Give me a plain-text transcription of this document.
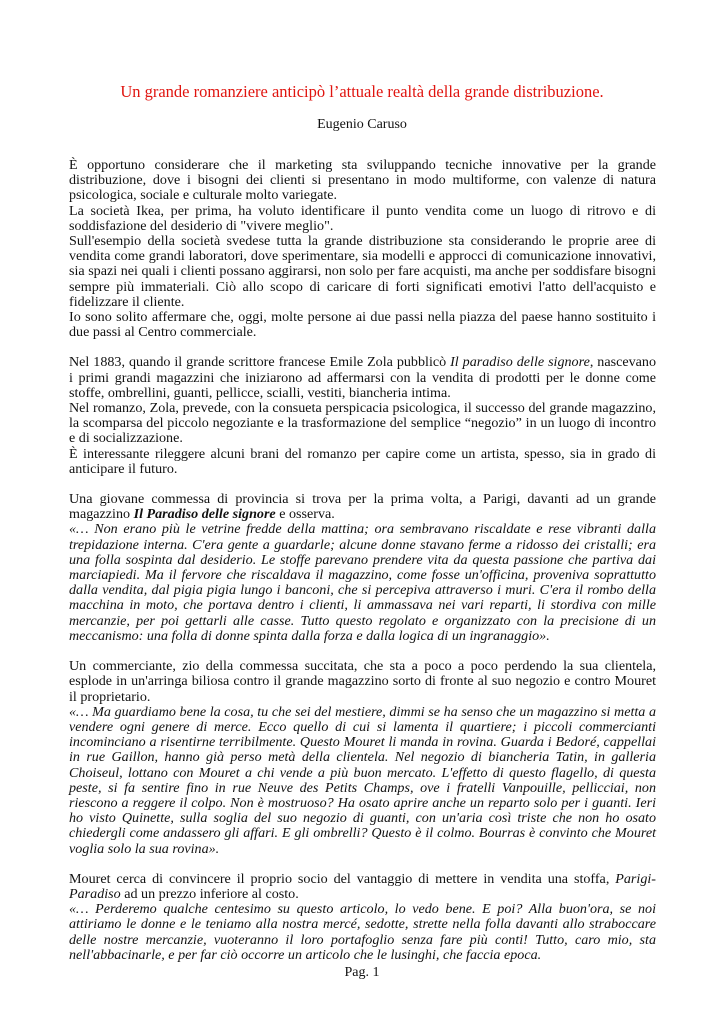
Un grande romanziere anticipò l’attuale realtà della grande distribuzione.
Eugenio Caruso

È opportuno considerare che il marketing sta sviluppando tecniche innovative per la grande distribuzione, dove i bisogni dei clienti si presentano in modo multiforme, con valenze di natura psicologica, sociale e culturale molto variegate.

La società Ikea, per prima, ha voluto identificare il punto vendita come un luogo di ritrovo e di soddisfazione del desiderio di "vivere meglio".

Sull'esempio della società svedese tutta la grande distribuzione sta considerando le proprie aree di vendita come grandi laboratori, dove sperimentare, sia modelli e approcci di comunicazione innovativi, sia spazi nei quali i clienti possano aggirarsi, non solo per fare acquisti, ma anche per soddisfare bisogni sempre più immateriali. Ciò allo scopo di caricare di forti significati emotivi l'atto dell'acquisto e fidelizzare il cliente.

Io sono solito affermare che, oggi, molte persone ai due passi nella piazza del paese hanno sostituito i due passi al Centro commerciale.

Nel 1883, quando il grande scrittore francese Emile Zola pubblicò Il paradiso delle signore, nascevano i primi grandi magazzini che iniziarono ad affermarsi con la vendita di prodotti per le donne come stoffe, ombrellini, guanti, pellicce, scialli, vestiti, biancheria intima.

Nel romanzo, Zola, prevede, con la consueta perspicacia psicologica, il successo del grande magazzino, la scomparsa del piccolo negoziante e la trasformazione del semplice “negozio” in un luogo di incontro e di socializzazione.

È interessante rileggere alcuni brani del romanzo per capire come un artista, spesso, sia in grado di anticipare il futuro.

Una giovane commessa di provincia si trova per la prima volta, a Parigi, davanti ad un grande magazzino Il Paradiso delle signore e osserva.

«… Non erano più le vetrine fredde della mattina; ora sembravano riscaldate e rese vibranti dalla trepidazione interna. C'era gente a guardarle; alcune donne stavano ferme a ridosso dei cristalli; era una folla sospinta dal desiderio. Le stoffe parevano prendere vita da questa passione che partiva dai marciapiedi. Ma il fervore che riscaldava il magazzino, come fosse un'officina, proveniva soprattutto dalla vendita, dal pigia pigia lungo i banconi, che si percepiva attraverso i muri. C'era il rombo della macchina in moto, che portava dentro i clienti, li ammassava nei vari reparti, li stordiva con mille mercanzie, per poi gettarli alle casse. Tutto questo regolato e organizzato con la precisione di un meccanismo: una folla di donne spinta dalla forza e dalla logica di un ingranaggio».

Un commerciante, zio della commessa succitata, che sta a poco a poco perdendo la sua clientela, esplode in un'arringa biliosa contro il grande magazzino sorto di fronte al suo negozio e contro Mouret il proprietario.

«… Ma guardiamo bene la cosa, tu che sei del mestiere, dimmi se ha senso che un magazzino si metta a vendere ogni genere di merce. Ecco quello di cui si lamenta il quartiere; i piccoli commercianti incominciano a risentirne terribilmente. Questo Mouret li manda in rovina. Guarda i Bedoré, cappellai in rue Gaillon, hanno già perso metà della clientela. Nel negozio di biancheria Tatin, in galleria Choiseul, lottano con Mouret a chi vende a più buon mercato. L'effetto di questo flagello, di questa peste, si fa sentire fino in rue Neuve des Petits Champs, ove i fratelli Vanpouille, pellicciai, non riescono a reggere il colpo. Non è mostruoso? Ha osato aprire anche un reparto solo per i guanti. Ieri ho visto Quinette, sulla soglia del suo negozio di guanti, con un'aria così triste che non ho osato chiedergli come andassero gli affari. E gli ombrelli? Questo è il colmo. Bourras è convinto che Mouret voglia solo la sua rovina».

Mouret cerca di convincere il proprio socio del vantaggio di mettere in vendita una stoffa, Parigi-Paradiso ad un prezzo inferiore al costo.

«… Perderemo qualche centesimo su questo articolo, lo vedo bene. E poi? Alla buon'ora, se noi attiriamo le donne e le teniamo alla nostra mercé, sedotte, strette nella folla davanti allo straboccare delle nostre mercanzie, vuoteranno il loro portafoglio senza fare più conti! Tutto, caro mio, sta nell'abbacinarle, e per far ciò occorre un articolo che le lusinghi, che faccia epoca.

Pag. 1
